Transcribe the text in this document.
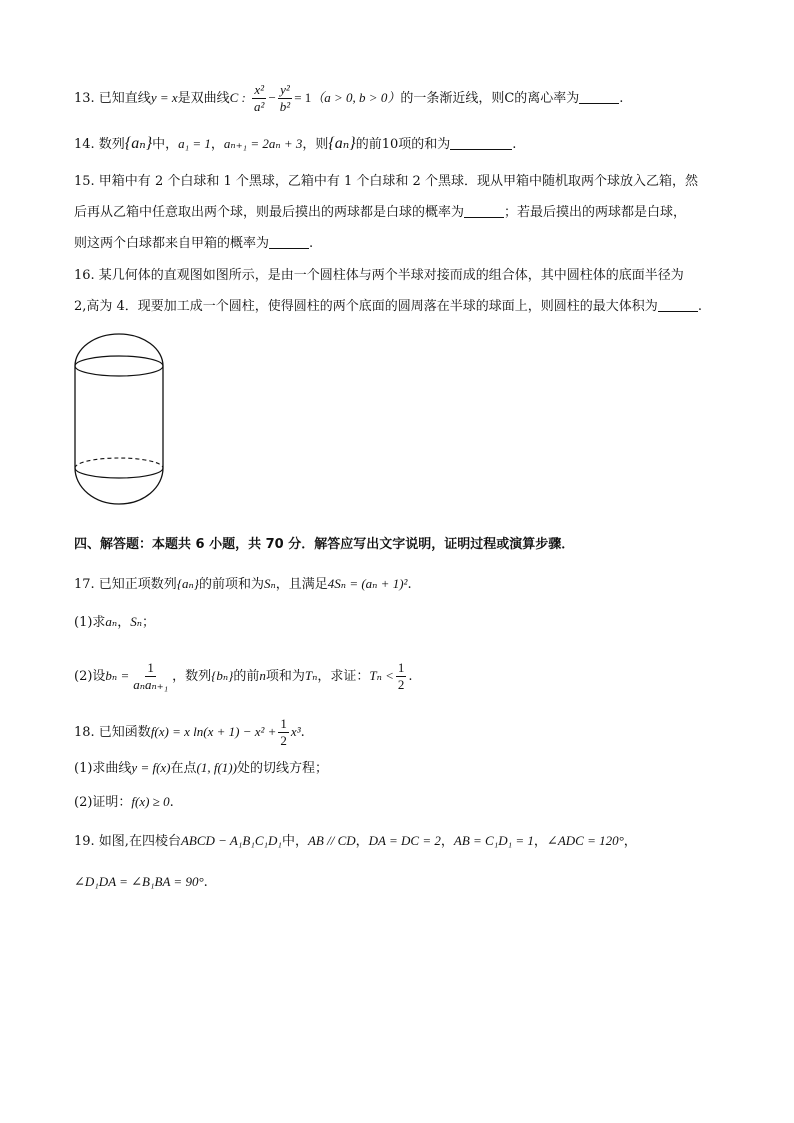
13. 已知直线y = x是双曲线C : $\frac{\text{x²}}{\text{a²}} - \frac{\text{y²}}{\text{b²}} = 1(a > 0$, b > 0）的一条渐近线，则C的离心率为	.
14. 数列{aₙ}中，a₁ = 1，aₙ₊₁ = 2aₙ + 3，则{aₙ}的前10项的和为	.
15. 甲箱中有 2 个白球和 1 个黑球，乙箱中有 1 个白球和 2 个黑球．现从甲箱中随机取两个球放入乙箱，然
后再从乙箱中任意取出两个球，则最后摸出的两球都是白球的概率为	；若最后摸出的两球都是白球，
则这两个白球都来自甲箱的概率为	.
16. 某几何体的直观图如图所示，是由一个圆柱体与两个半球对接而成的组合体，其中圆柱体的底面半径为
2,高为 4．现要加工成一个圆柱，使得圆柱的两个底面的圆周落在半球的球面上，则圆柱的最大体积为	.
四、解答题：本题共 6 小题，共 70 分．解答应写出文字说明，证明过程或演算步骤．
17. 已知正项数列{aₙ}的前项和为Sₙ，且满足4Sₙ = (aₙ + 1)².
(1)求aₙ，Sₙ；
(2)设$b_n = \frac{1}{\text{aₙaₙ₊₁}}$ ，数列{bₙ}的前n项和为Tₙ，求证：$T_n < \frac{1}{2}$ .
18. 已知函数f(x) = x $\ln(x + 1) - x^2 + \frac{1}{2} x^3$.
(1)求曲线y = f(x)在点(1, f(1))处的切线方程；
(2)证明：f(x) ≥ 0.
19. 如图,在四棱台ABCD − A₁B₁C₁D₁中，AB // CD，DA = DC = 2，AB = C₁D₁ = 1，∠ADC = 120°，
∠D₁DA = ∠B₁BA = 90°.
